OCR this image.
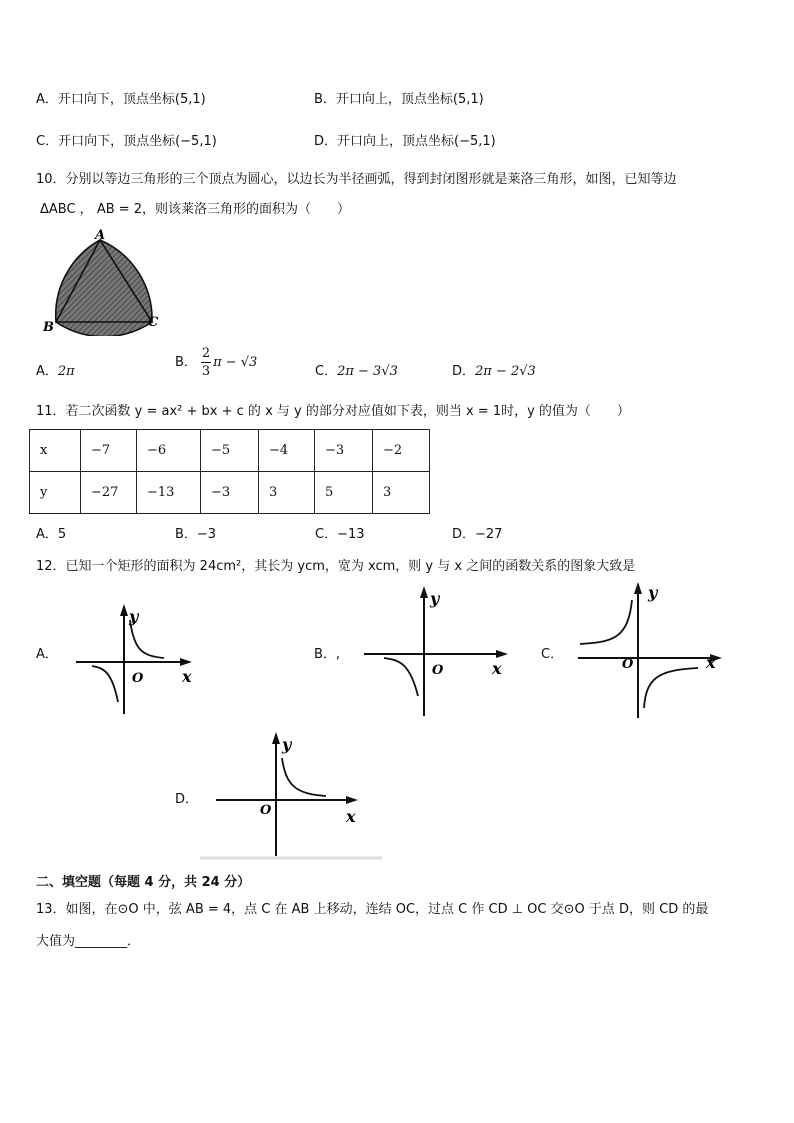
A．开口向下，顶点坐标(5,1)	B．开口向上，顶点坐标(5,1)
C．开口向下，顶点坐标(−5,1)	D．开口向上，顶点坐标(−5,1)
10．分别以等边三角形的三个顶点为圆心，以边长为半径画弧，得到封闭图形就是莱洛三角形，如图，已知等边
ΔABC ， AB = 2，则该莱洛三角形的面积为（　　）
A
B	C
A．2π
B． $\frac{2}{3}$ π − √3
C．2π − 3√3	D．2π − 2√3
11．若二次函数 y = ax² + bx + c 的 x 与 y 的部分对应值如下表，则当 x = 1时，y 的值为（　　）
x	−7	−6	−5	−4	−3	−2
y	−27	−13	−3	3	5	3
A．5	B．−3	C．−13	D．−27
12．已知一个矩形的面积为 24cm²，其长为 ycm，宽为 xcm，则 y 与 x 之间的函数关系的图象大致是
A．
y
x
O
B．,
y
x
O
C．
y
x
O
D．
y
x
O
二、填空题（每题 4 分，共 24 分）
13．如图，在⊙O 中，弦 AB = 4，点 C 在 AB 上移动，连结 OC，过点 C 作 CD ⊥ OC 交⊙O 于点 D，则 CD 的最
大值为________．
